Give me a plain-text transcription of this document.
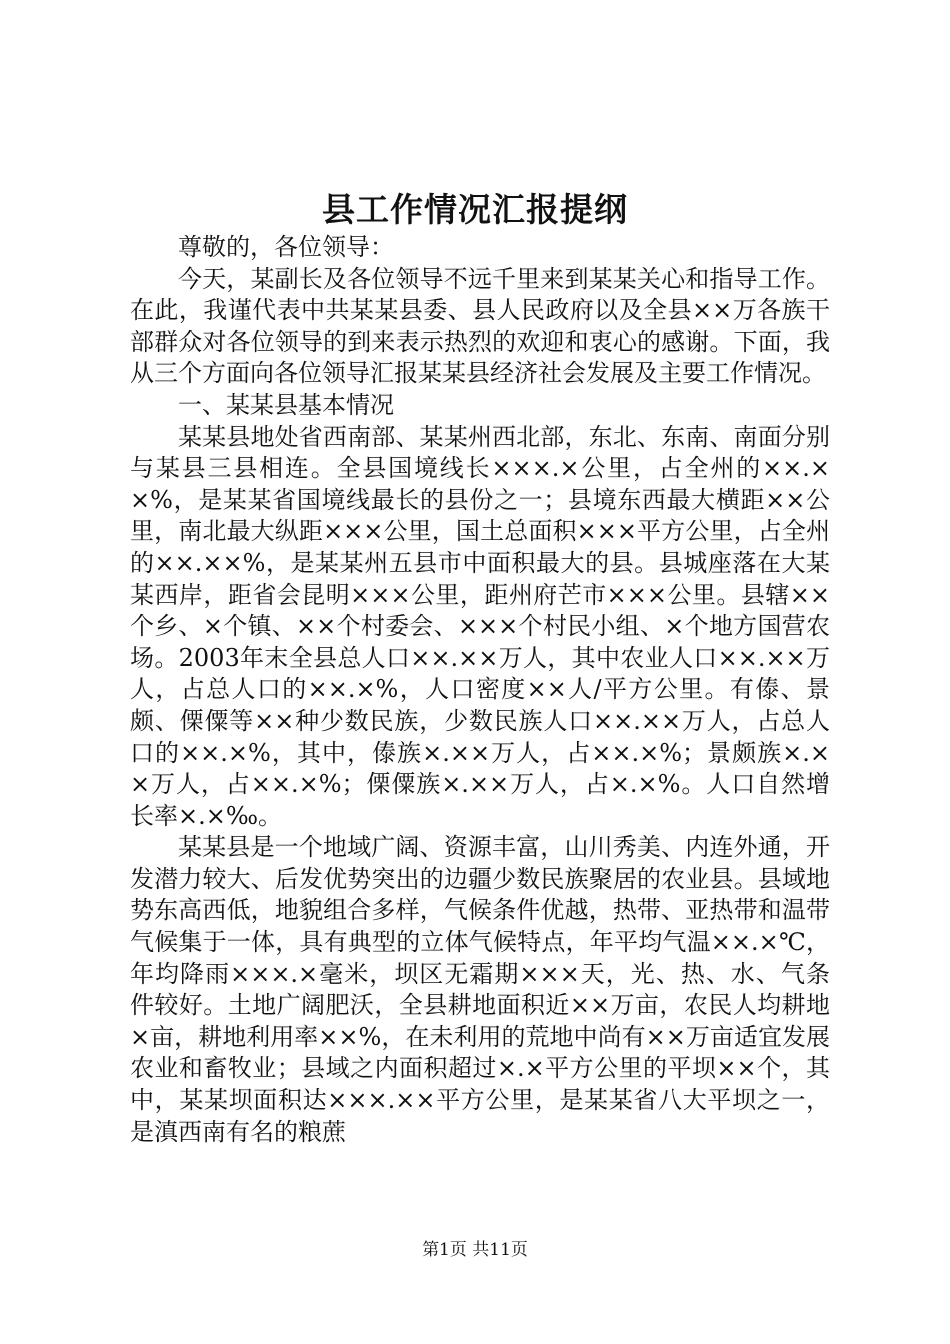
县工作情况汇报提纲

尊敬的，各位领导：

今天，某副长及各位领导不远千里来到某某关心和指导工作。在此，我谨代表中共某某县委、县人民政府以及全县××万各族干部群众对各位领导的到来表示热烈的欢迎和衷心的感谢。下面，我从三个方面向各位领导汇报某某县经济社会发展及主要工作情况。

一、某某县基本情况

某某县地处省西南部、某某州西北部，东北、东南、南面分别与某县三县相连。全县国境线长×××.×公里，占全州的××.××%，是某某省国境线最长的县份之一；县境东西最大横距××公里，南北最大纵距×××公里，国土总面积×××平方公里，占全州的××.××%，是某某州五县市中面积最大的县。县城座落在大某某西岸，距省会昆明×××公里，距州府芒市×××公里。县辖××个乡、×个镇、××个村委会、×××个村民小组、×个地方国营农场。2003年末全县总人口××.××万人，其中农业人口××.××万人，占总人口的××.×%，人口密度××人/平方公里。有傣、景颇、傈僳等××种少数民族，少数民族人口××.××万人，占总人口的××.×%，其中，傣族×.××万人，占××.×%；景颇族×.××万人，占××.×%；傈僳族×.××万人，占×.×%。人口自然增长率×.×‰。

某某县是一个地域广阔、资源丰富，山川秀美、内连外通，开发潜力较大、后发优势突出的边疆少数民族聚居的农业县。县域地势东高西低，地貌组合多样，气候条件优越，热带、亚热带和温带气候集于一体，具有典型的立体气候特点，年平均气温××.×℃，年均降雨×××.×毫米，坝区无霜期×××天，光、热、水、气条件较好。土地广阔肥沃，全县耕地面积近××万亩，农民人均耕地×亩，耕地利用率××%，在未利用的荒地中尚有××万亩适宜发展农业和畜牧业；县域之内面积超过×.×平方公里的平坝××个，其中，某某坝面积达×××.××平方公里，是某某省八大平坝之一，是滇西南有名的粮蔗

第1页 共11页
